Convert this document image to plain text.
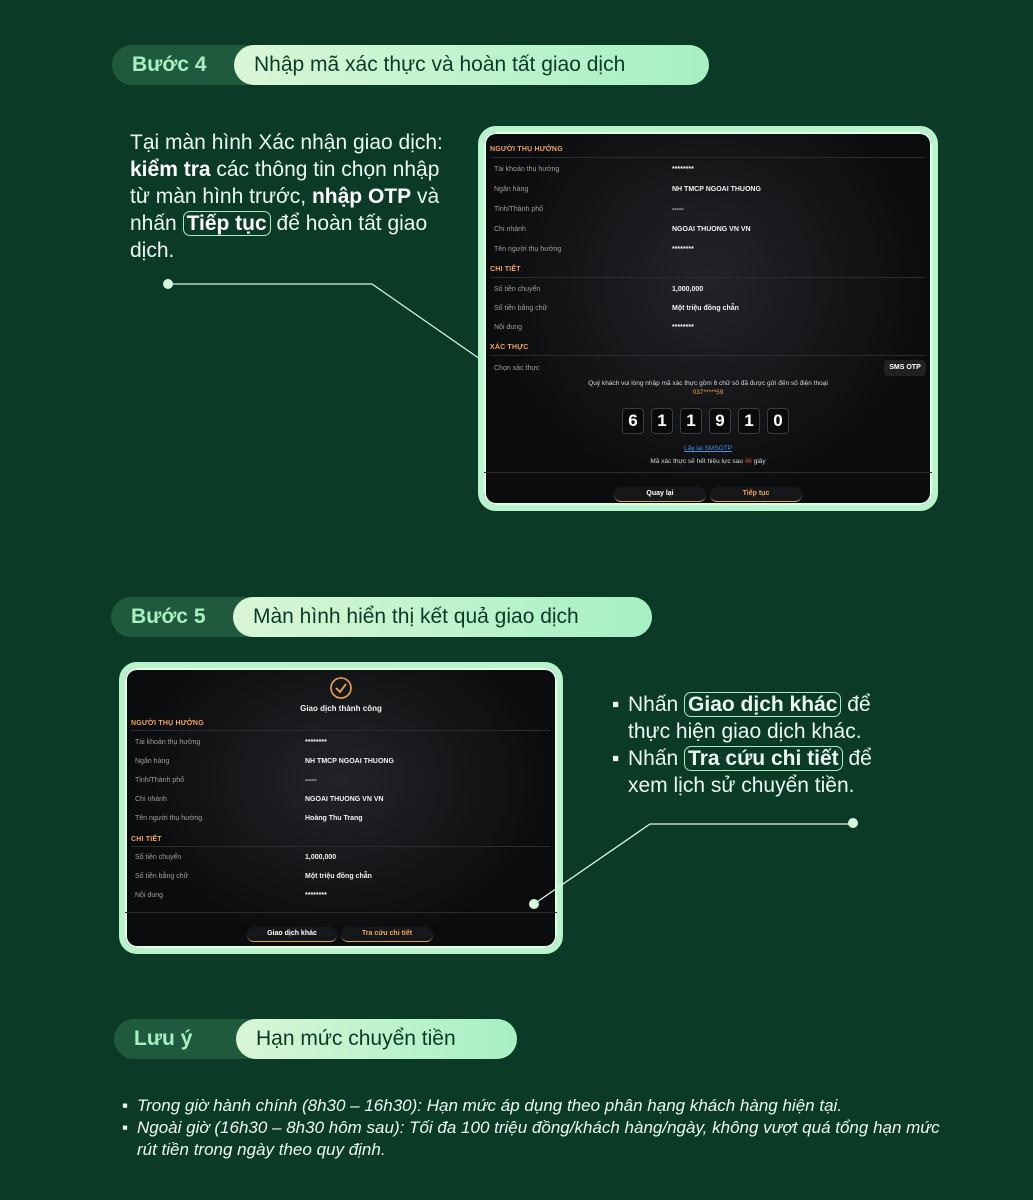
Bước 4	Nhập mã xác thực và hoàn tất giao dịch
Tại màn hình Xác nhận giao dịch: kiểm tra các thông tin chọn nhập từ màn hình trước, nhập OTP và nhấn Tiếp tục để hoàn tất giao dịch.
NGƯỜI THỤ HƯỞNG
Tài khoản thụ hưởng	********
Ngân hàng	NH TMCP NGOAI THUONG
Tỉnh/Thành phố	-----
Chi nhánh	NGOAI THUONG VN VN
Tên người thụ hưởng	********
CHI TIẾT
Số tiền chuyển	1,000,000
Số tiền bằng chữ	Một triệu đồng chẵn
Nội dung	********
XÁC THỰC
Chọn xác thực	SMS OTP
Quý khách vui lòng nhập mã xác thực gồm 6 chữ số đã được gửi đến số điện thoại
037*****59
6	1	1	9	1	0
Lấy lại SMSOTP
Mã xác thực sẽ hết hiệu lực sau 46 giây
Quay lại	Tiếp tục
Bước 5	Màn hình hiển thị kết quả giao dịch
Giao dịch thành công
NGƯỜI THỤ HƯỞNG
Tài khoản thụ hưởng	********
Ngân hàng	NH TMCP NGOAI THUONG
Tỉnh/Thành phố	-----
Chi nhánh	NGOAI THUONG VN VN
Tên người thụ hưởng	Hoàng Thu Trang
CHI TIẾT
Số tiền chuyển	1,000,000
Số tiền bằng chữ	Một triệu đồng chẵn
Nội dung	********
Giao dịch khác	Tra cứu chi tiết
▪ Nhấn Giao dịch khác để thực hiện giao dịch khác.
▪ Nhấn Tra cứu chi tiết để xem lịch sử chuyển tiền.
Lưu ý	Hạn mức chuyển tiền
▪ Trong giờ hành chính (8h30 – 16h30): Hạn mức áp dụng theo phân hạng khách hàng hiện tại.
▪ Ngoài giờ (16h30 – 8h30 hôm sau): Tối đa 100 triệu đồng/khách hàng/ngày, không vượt quá tổng hạn mức rút tiền trong ngày theo quy định.
